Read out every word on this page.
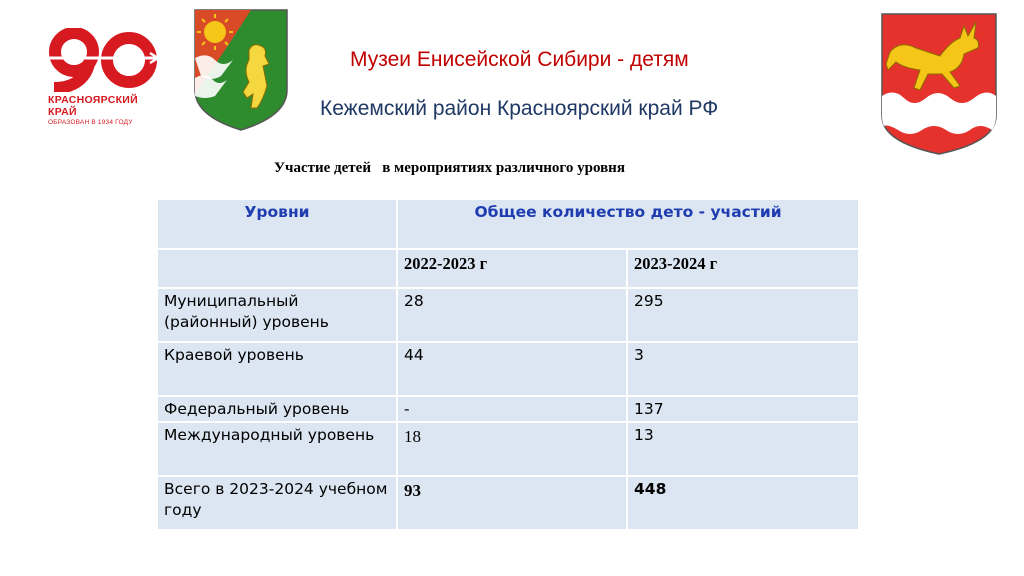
КРАСНОЯРСКИЙ
КРАЙ
ОБРАЗОВАН В 1934 ГОДУ
Музеи Енисейской Сибири - детям
Кежемский район Красноярский край РФ
Участие детей   в мероприятиях различного уровня
Уровни	Общее количество дето - участий	
	2022-2023 г	2023-2024 г
Муниципальный (районный) уровень	28	295
Краевой уровень	44	3
Федеральный уровень	-	137
Международный уровень	18	13
Всего в 2023-2024 учебном году	93	448
